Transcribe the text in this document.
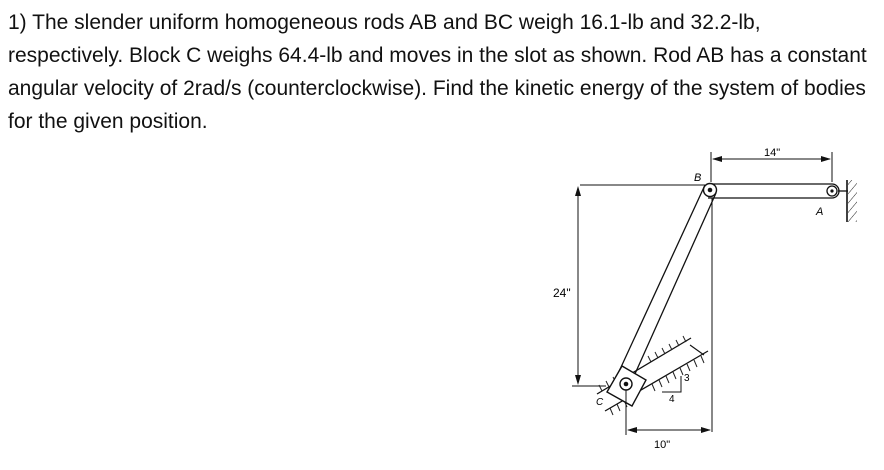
1) The slender uniform homogeneous rods AB and BC weigh 16.1-lb and 32.2-lb, respectively. Block C weighs 64.4-lb and moves in the slot as shown. Rod AB has a constant angular velocity of 2rad/s (counterclockwise). Find the kinetic energy of the system of bodies for the given position.

3
4
24"
14"
10"
B
A
C
